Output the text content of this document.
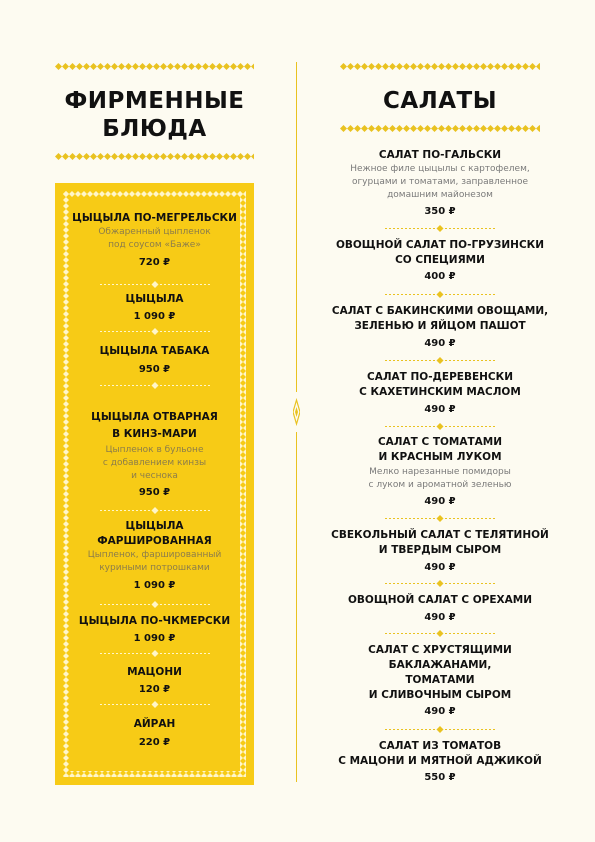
ФИРМЕННЫЕ
БЛЮДА
САЛАТЫ
ЦЫЦЫЛА ПО-МЕГРЕЛЬСКИ
Обжаренный цыпленок
под соусом «Баже»
720 ₽
ЦЫЦЫЛА
1 090 ₽
ЦЫЦЫЛА ТАБАКА
950 ₽
ЦЫЦЫЛА ОТВАРНАЯ
В КИНЗ-МАРИ
Цыпленок в бульоне
с добавлением кинзы
и чеснока
950 ₽
ЦЫЦЫЛА
ФАРШИРОВАННАЯ
Цыпленок, фаршированный
куриными потрошками
1 090 ₽
ЦЫЦЫЛА ПО-ЧКМЕРСКИ
1 090 ₽
МАЦОНИ
120 ₽
АЙРАН
220 ₽
САЛАТ ПО-ГАЛЬСКИ
Нежное филе цыцылы с картофелем,
огурцами и томатами, заправленное
домашним майонезом
350 ₽
ОВОЩНОЙ САЛАТ ПО-ГРУЗИНСКИ
СО СПЕЦИЯМИ
400 ₽
САЛАТ С БАКИНСКИМИ ОВОЩАМИ,
ЗЕЛЕНЬЮ И ЯЙЦОМ ПАШОТ
490 ₽
САЛАТ ПО-ДЕРЕВЕНСКИ
С КАХЕТИНСКИМ МАСЛОМ
490 ₽
САЛАТ С ТОМАТАМИ
И КРАСНЫМ ЛУКОМ
Мелко нарезанные помидоры
с луком и ароматной зеленью
490 ₽
СВЕКОЛЬНЫЙ САЛАТ С ТЕЛЯТИНОЙ
И ТВЕРДЫМ СЫРОМ
490 ₽
ОВОЩНОЙ САЛАТ С ОРЕХАМИ
490 ₽
САЛАТ С ХРУСТЯЩИМИ
БАКЛАЖАНАМИ,
ТОМАТАМИ
И СЛИВОЧНЫМ СЫРОМ
490 ₽
САЛАТ ИЗ ТОМАТОВ
С МАЦОНИ И МЯТНОЙ АДЖИКОЙ
550 ₽
